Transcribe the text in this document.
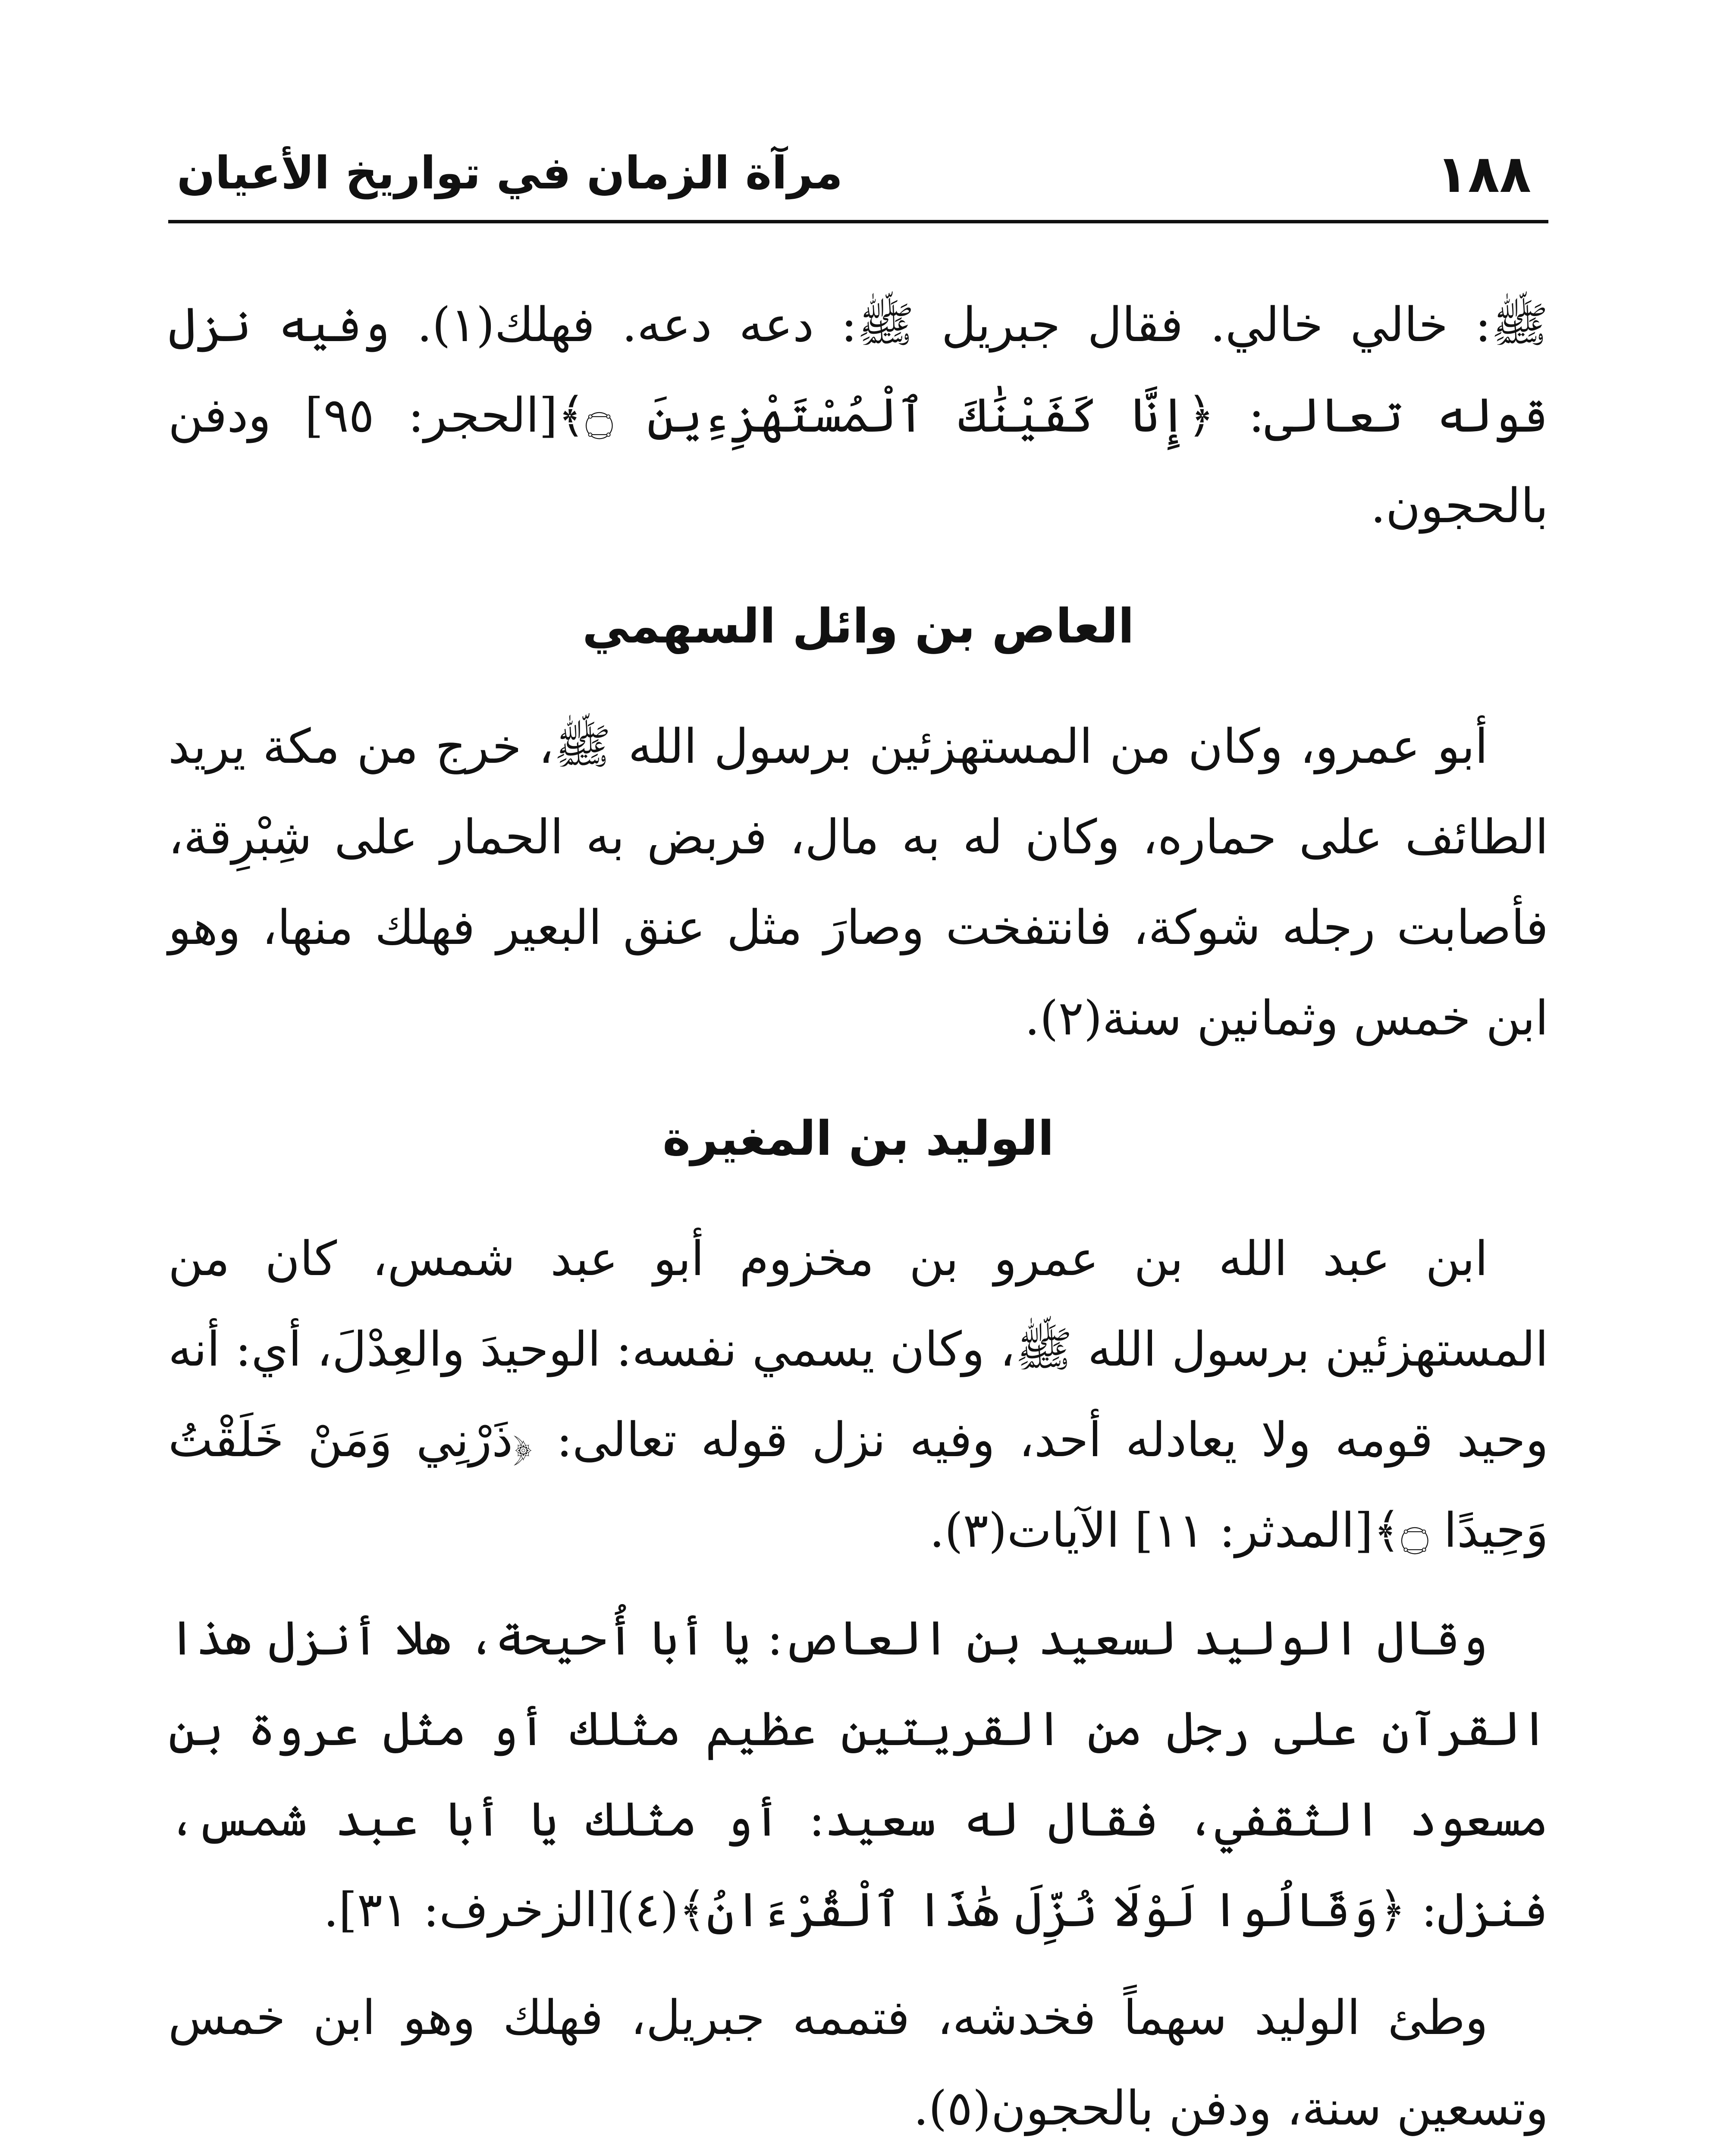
١٨٨
مرآة الزمان في تواريخ الأعيان

ﷺ: خالي خالي. فقال جبريل ﷺ: دعه دعه. فهلك(١). وفيه نزل قوله تعالى: ﴿إِنَّا كَفَيْنَٰكَ ٱلْمُسْتَهْزِءِينَ ۝﴾[الحجر: ٩٥] ودفن بالحجون.

العاص بن وائل السهمي

أبو عمرو، وكان من المستهزئين برسول الله ﷺ، خرج من مكة يريد الطائف على حماره، وكان له به مال، فربض به الحمار على شِبْرِقة، فأصابت رجله شوكة، فانتفخت وصارَ مثل عنق البعير فهلك منها، وهو ابن خمس وثمانين سنة(٢).

الوليد بن المغيرة

ابن عبد الله بن عمرو بن مخزوم أبو عبد شمس، كان من المستهزئين برسول الله ﷺ، وكان يسمي نفسه: الوحيدَ والعِدْلَ، أي: أنه وحيد قومه ولا يعادله أحد، وفيه نزل قوله تعالى: ﴿ذَرْنِي وَمَنْ خَلَقْتُ وَحِيدًا ۝﴾[المدثر: ١١] الآيات(٣).

وقال الوليد لسعيد بن العاص: يا أبا أُحيحة، هلا أنزل هذا القرآن على رجل من القريتين عظيم مثلك أو مثل عروة بن مسعود الثقفي، فقال له سعيد: أو مثلك يا أبا عبد شمس، فنزل: ﴿وَقَالُوا لَوْلَا نُزِّلَ هَٰذَا ٱلْقُرْءَانُ﴾(٤)[الزخرف: ٣١].

وطئ الوليد سهماً فخدشه، فتممه جبريل، فهلك وهو ابن خمس وتسعين سنة، ودفن بالحجون(٥).
